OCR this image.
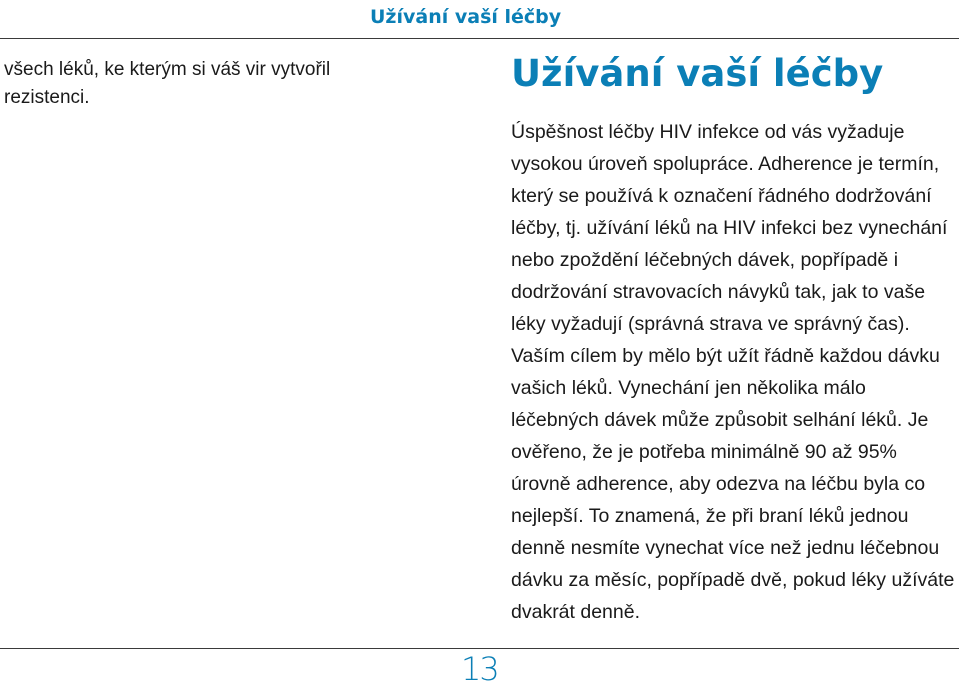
Užívání vaší léčby

všech léků, ke kterým si váš vir vytvořil rezistenci.

Užívání vaší léčby

Úspěšnost léčby HIV infekce od vás vyžaduje vysokou úroveň spolupráce. Adherence je termín, který se používá k označení řádného dodržování léčby, tj. užívání léků na HIV infekci bez vynechání nebo zpoždění léčebných dávek, popřípadě i dodržování stravovacích návyků tak, jak to vaše léky vyžadují (správná strava ve správný čas). Vaším cílem by mělo být užít řádně každou dávku vašich léků. Vynechání jen několika málo léčebných dávek může způsobit selhání léků. Je ověřeno, že je potřeba minimálně 90 až 95% úrovně adherence, aby odezva na léčbu byla co nejlepší. To znamená, že při braní léků jednou denně nesmíte vynechat více než jednu léčebnou dávku za měsíc, popřípadě dvě, pokud léky užíváte dvakrát denně.

13
